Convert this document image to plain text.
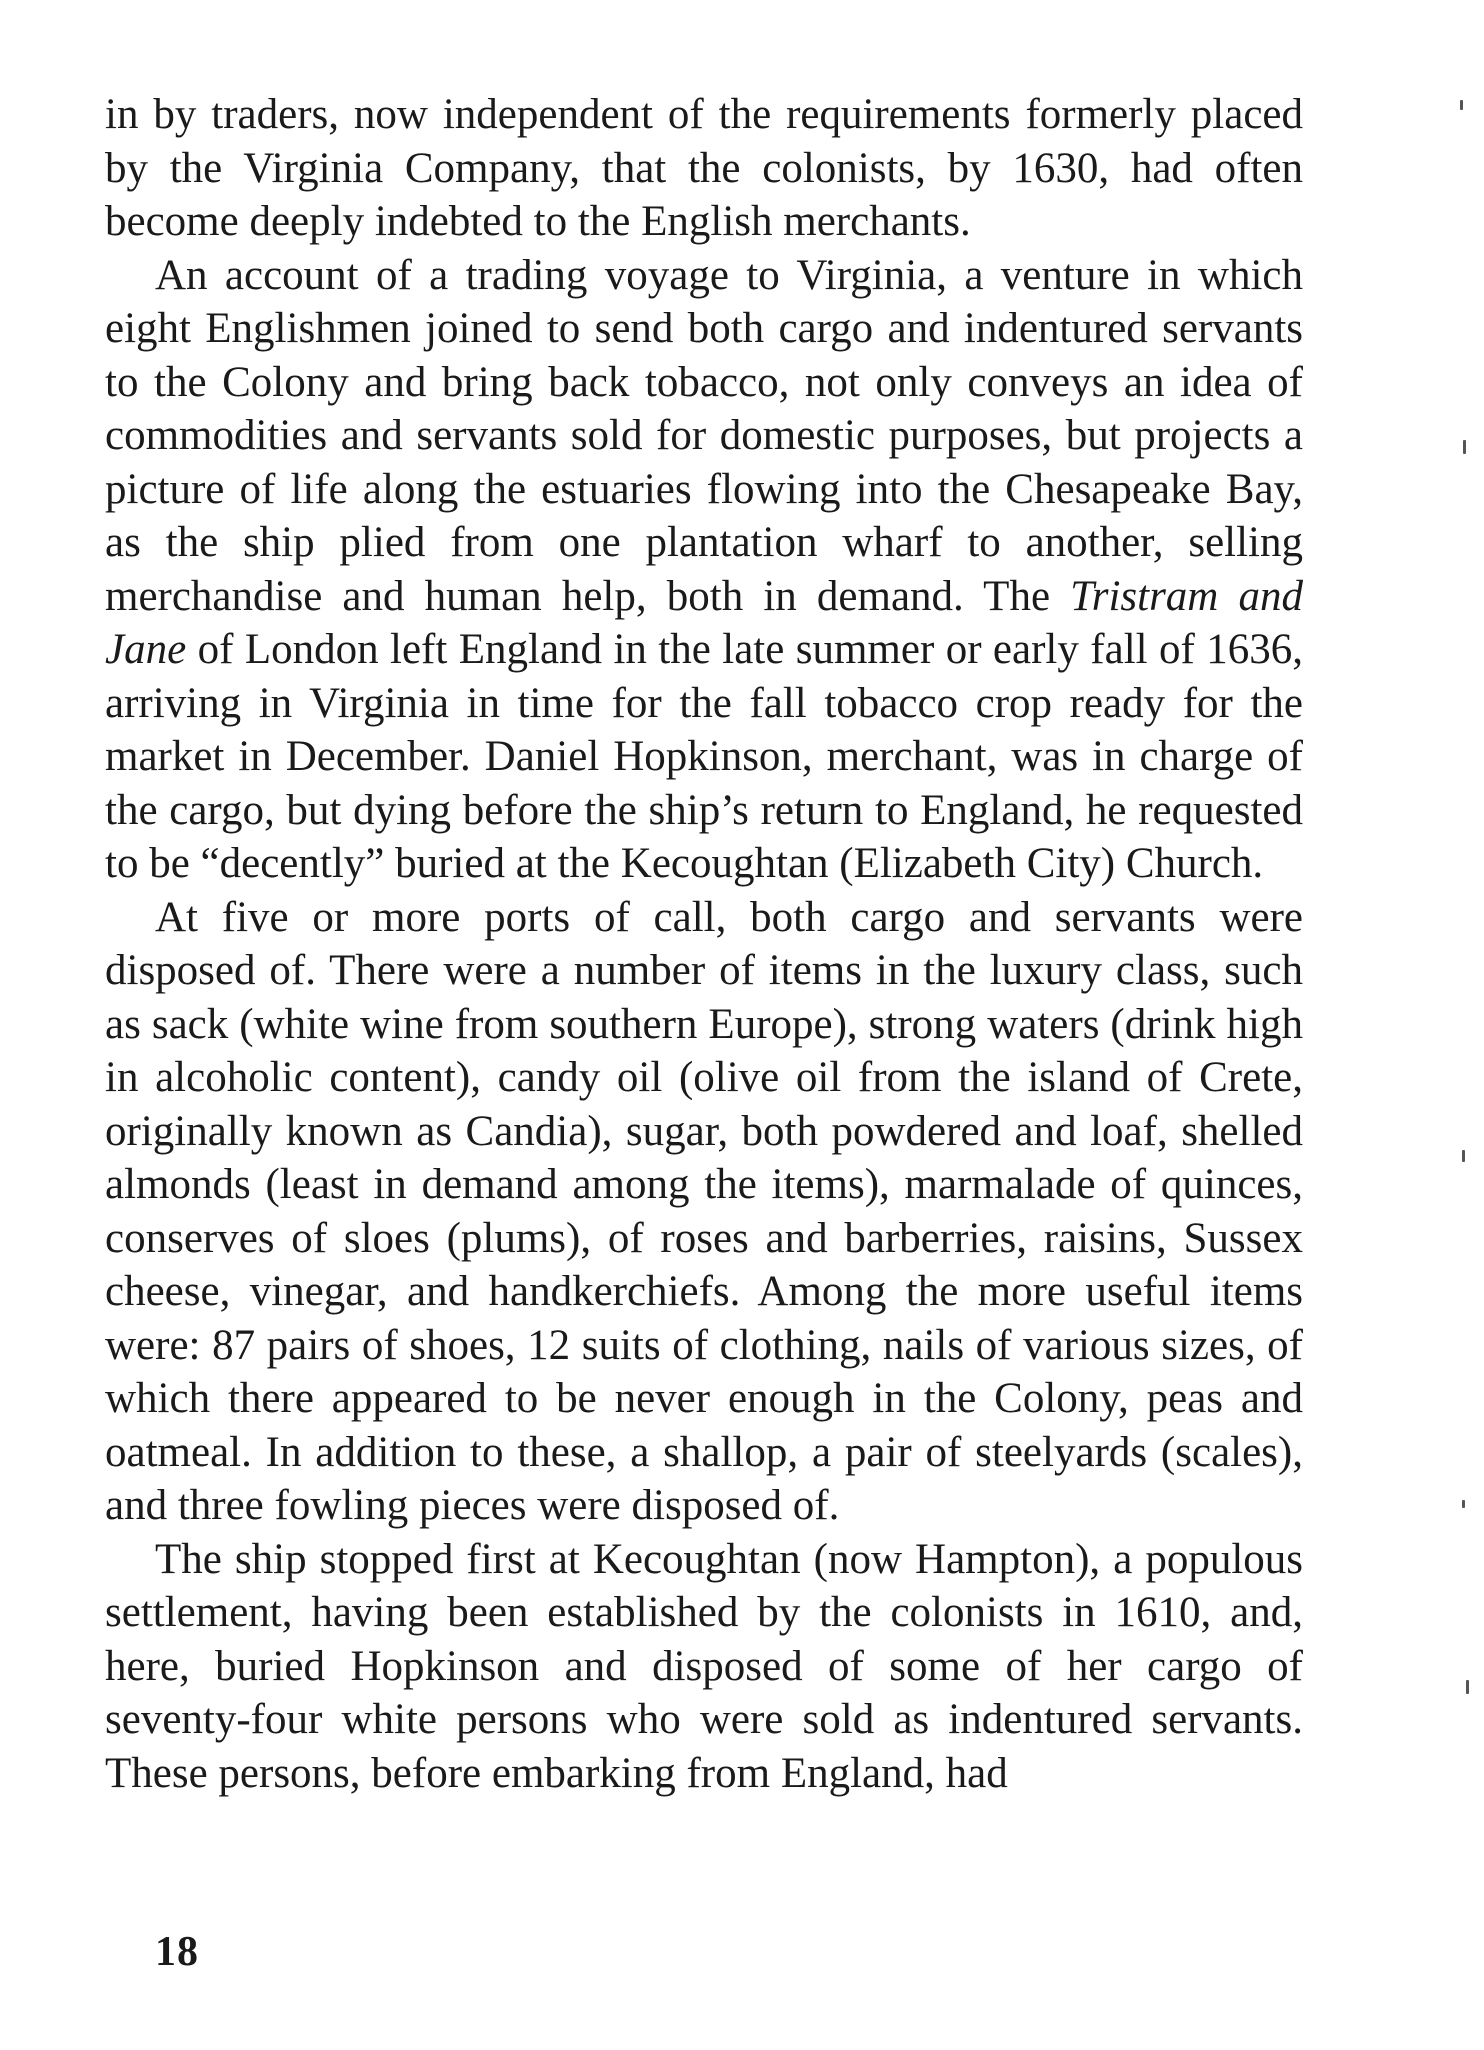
in by traders, now independent of the requirements formerly placed by the Virginia Company, that the colonists, by 1630, had often become deeply indebted to the English merchants.

An account of a trading voyage to Virginia, a venture in which eight Englishmen joined to send both cargo and indentured servants to the Colony and bring back tobacco, not only conveys an idea of commodities and servants sold for domestic purposes, but projects a picture of life along the estuaries flowing into the Chesapeake Bay, as the ship plied from one plantation wharf to another, selling merchandise and human help, both in demand. The Tristram and Jane of London left England in the late summer or early fall of 1636, arriving in Virginia in time for the fall tobacco crop ready for the market in December. Daniel Hopkinson, merchant, was in charge of the cargo, but dying before the ship’s return to England, he requested to be “decently” buried at the Kecoughtan (Elizabeth City) Church.

At five or more ports of call, both cargo and servants were disposed of. There were a number of items in the luxury class, such as sack (white wine from southern Europe), strong waters (drink high in alcoholic content), candy oil (olive oil from the island of Crete, originally known as Candia), sugar, both powdered and loaf, shelled almonds (least in demand among the items), marmalade of quinces, conserves of sloes (plums), of roses and barberries, raisins, Sussex cheese, vinegar, and handkerchiefs. Among the more useful items were: 87 pairs of shoes, 12 suits of clothing, nails of various sizes, of which there appeared to be never enough in the Colony, peas and oatmeal. In addition to these, a shallop, a pair of steelyards (scales), and three fowling pieces were disposed of.

The ship stopped first at Kecoughtan (now Hampton), a populous settlement, having been established by the colonists in 1610, and, here, buried Hopkinson and disposed of some of her cargo of seventy-four white persons who were sold as indentured servants. These persons, before embarking from England, had

18
